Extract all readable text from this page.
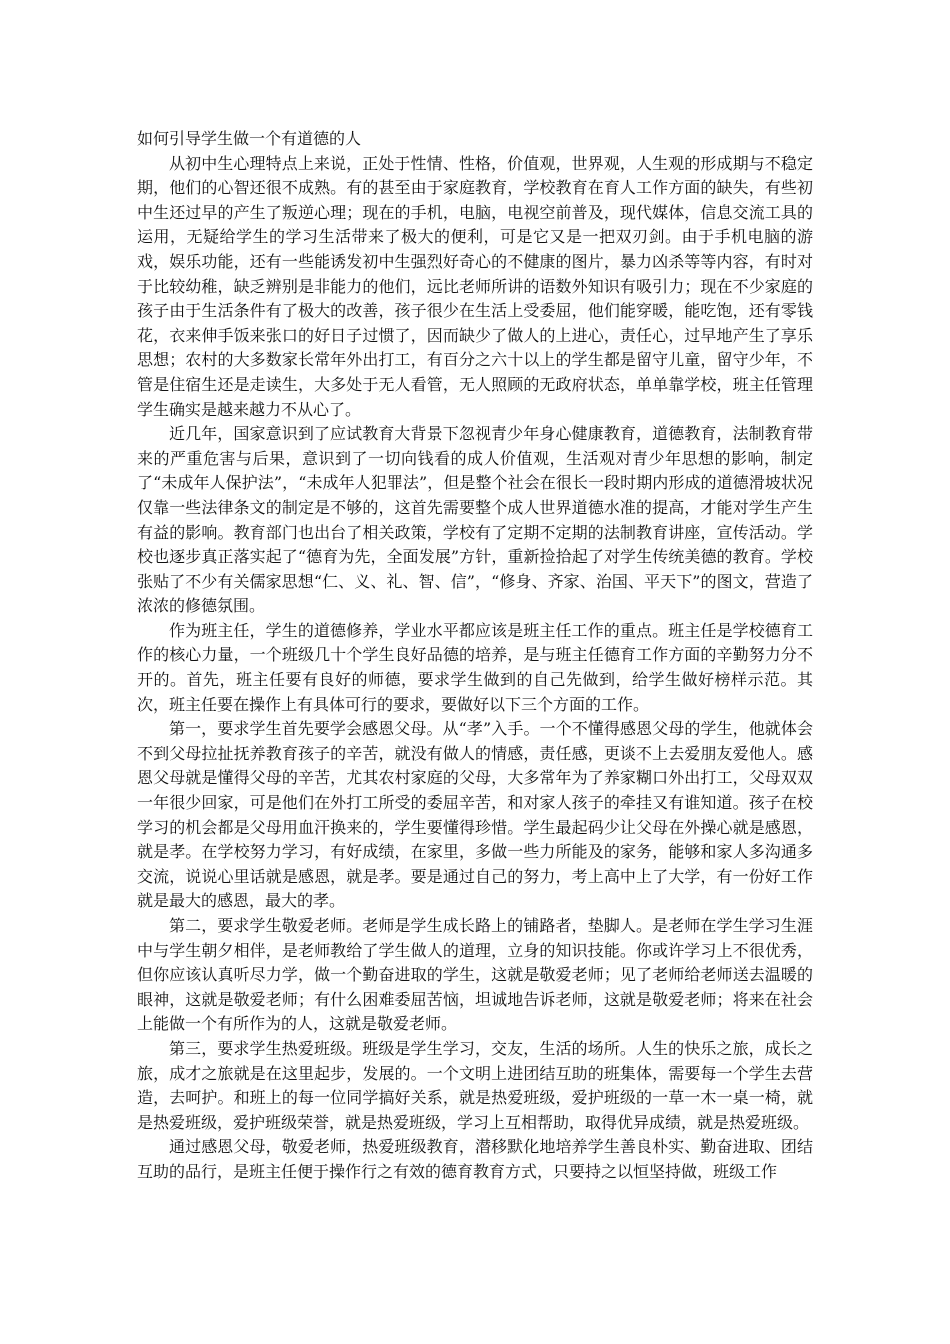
如何引导学生做一个有道德的人

从初中生心理特点上来说，正处于性情、性格，价值观，世界观，人生观的形成期与不稳定期，他们的心智还很不成熟。有的甚至由于家庭教育，学校教育在育人工作方面的缺失，有些初中生还过早的产生了叛逆心理；现在的手机，电脑，电视空前普及，现代媒体，信息交流工具的运用，无疑给学生的学习生活带来了极大的便利，可是它又是一把双刃剑。由于手机电脑的游戏，娱乐功能，还有一些能诱发初中生强烈好奇心的不健康的图片，暴力凶杀等等内容，有时对于比较幼稚，缺乏辨别是非能力的他们，远比老师所讲的语数外知识有吸引力；现在不少家庭的孩子由于生活条件有了极大的改善，孩子很少在生活上受委屈，他们能穿暖，能吃饱，还有零钱花，衣来伸手饭来张口的好日子过惯了，因而缺少了做人的上进心，责任心，过早地产生了享乐思想；农村的大多数家长常年外出打工，有百分之六十以上的学生都是留守儿童，留守少年，不管是住宿生还是走读生，大多处于无人看管，无人照顾的无政府状态，单单靠学校，班主任管理学生确实是越来越力不从心了。

近几年，国家意识到了应试教育大背景下忽视青少年身心健康教育，道德教育，法制教育带来的严重危害与后果，意识到了一切向钱看的成人价值观，生活观对青少年思想的影响，制定了“未成年人保护法”，“未成年人犯罪法”，但是整个社会在很长一段时期内形成的道德滑坡状况仅靠一些法律条文的制定是不够的，这首先需要整个成人世界道德水准的提高，才能对学生产生有益的影响。教育部门也出台了相关政策，学校有了定期不定期的法制教育讲座，宣传活动。学校也逐步真正落实起了“德育为先，全面发展”方针，重新捡拾起了对学生传统美德的教育。学校张贴了不少有关儒家思想“仁、义、礼、智、信”，“修身、齐家、治国、平天下”的图文，营造了浓浓的修德氛围。

作为班主任，学生的道德修养，学业水平都应该是班主任工作的重点。班主任是学校德育工作的核心力量，一个班级几十个学生良好品德的培养，是与班主任德育工作方面的辛勤努力分不开的。首先，班主任要有良好的师德，要求学生做到的自己先做到，给学生做好榜样示范。其次，班主任要在操作上有具体可行的要求，要做好以下三个方面的工作。

第一，要求学生首先要学会感恩父母。从“孝”入手。一个不懂得感恩父母的学生，他就体会不到父母拉扯抚养教育孩子的辛苦，就没有做人的情感，责任感，更谈不上去爱朋友爱他人。感恩父母就是懂得父母的辛苦，尤其农村家庭的父母，大多常年为了养家糊口外出打工，父母双双一年很少回家，可是他们在外打工所受的委屈辛苦，和对家人孩子的牵挂又有谁知道。孩子在校学习的机会都是父母用血汗换来的，学生要懂得珍惜。学生最起码少让父母在外操心就是感恩，就是孝。在学校努力学习，有好成绩，在家里，多做一些力所能及的家务，能够和家人多沟通多交流，说说心里话就是感恩，就是孝。要是通过自己的努力，考上高中上了大学，有一份好工作就是最大的感恩，最大的孝。

第二，要求学生敬爱老师。老师是学生成长路上的铺路者，垫脚人。是老师在学生学习生涯中与学生朝夕相伴，是老师教给了学生做人的道理，立身的知识技能。你或许学习上不很优秀，但你应该认真听尽力学，做一个勤奋进取的学生，这就是敬爱老师；见了老师给老师送去温暖的眼神，这就是敬爱老师；有什么困难委屈苦恼，坦诚地告诉老师，这就是敬爱老师；将来在社会上能做一个有所作为的人，这就是敬爱老师。

第三，要求学生热爱班级。班级是学生学习，交友，生活的场所。人生的快乐之旅，成长之旅，成才之旅就是在这里起步，发展的。一个文明上进团结互助的班集体，需要每一个学生去营造，去呵护。和班上的每一位同学搞好关系，就是热爱班级，爱护班级的一草一木一桌一椅，就是热爱班级，爱护班级荣誉，就是热爱班级，学习上互相帮助，取得优异成绩，就是热爱班级。

通过感恩父母，敬爱老师，热爱班级教育，潜移默化地培养学生善良朴实、勤奋进取、团结互助的品行，是班主任便于操作行之有效的德育教育方式，只要持之以恒坚持做，班级工作
